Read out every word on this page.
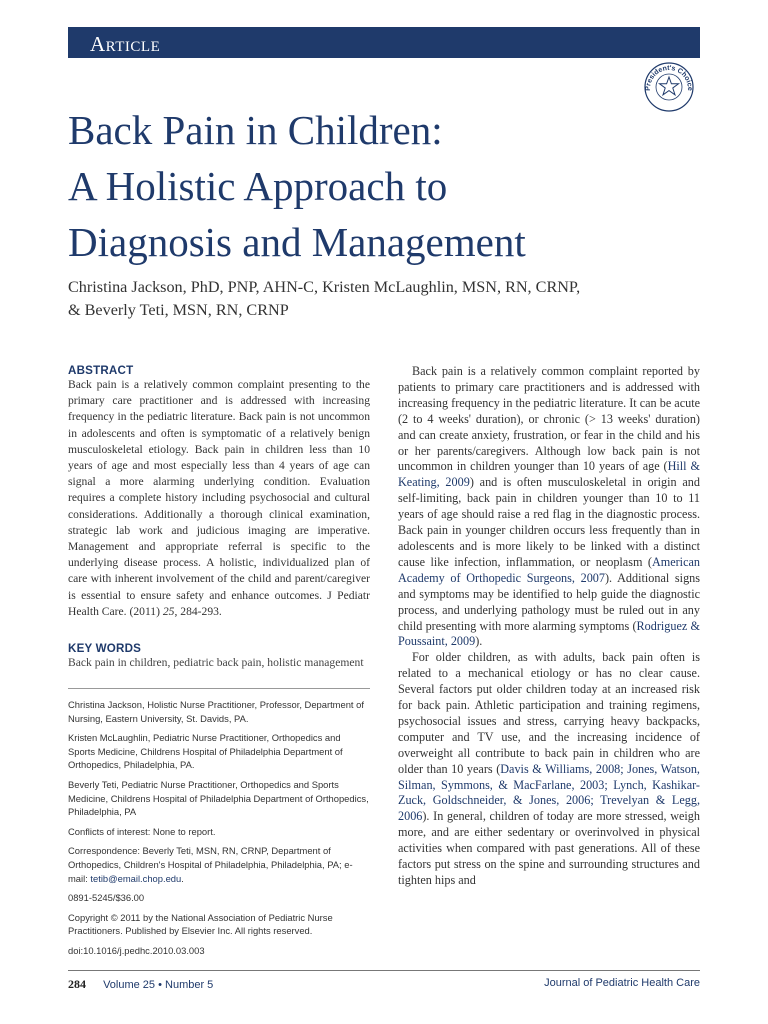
Article
President's Choice
Back Pain in Children:
A Holistic Approach to
Diagnosis and Management
Christina Jackson, PhD, PNP, AHN-C, Kristen McLaughlin, MSN, RN, CRNP,
& Beverly Teti, MSN, RN, CRNP
ABSTRACT

Back pain is a relatively common complaint presenting to the primary care practitioner and is addressed with increasing frequency in the pediatric literature. Back pain is not uncommon in adolescents and often is symptomatic of a relatively benign musculoskeletal etiology. Back pain in children less than 10 years of age and most especially less than 4 years of age can signal a more alarming underlying condition. Evaluation requires a complete history including psychosocial and cultural considerations. Additionally a thorough clinical examination, strategic lab work and judicious imaging are imperative. Management and appropriate referral is specific to the underlying disease process. A holistic, individualized plan of care with inherent involvement of the child and parent/caregiver is essential to ensure safety and enhance outcomes. J Pediatr Health Care. (2011) 25, 284-293.

KEY WORDS

Back pain in children, pediatric back pain, holistic management

Christina Jackson, Holistic Nurse Practitioner, Professor, Department of Nursing, Eastern University, St. Davids, PA.

Kristen McLaughlin, Pediatric Nurse Practitioner, Orthopedics and Sports Medicine, Childrens Hospital of Philadelphia Department of Orthopedics, Philadelphia, PA.

Beverly Teti, Pediatric Nurse Practitioner, Orthopedics and Sports Medicine, Childrens Hospital of Philadelphia Department of Orthopedics, Philadelphia, PA

Conflicts of interest: None to report.

Correspondence: Beverly Teti, MSN, RN, CRNP, Department of Orthopedics, Children's Hospital of Philadelphia, Philadelphia, PA; e-mail: tetib@email.chop.edu.

0891-5245/$36.00

Copyright © 2011 by the National Association of Pediatric Nurse Practitioners. Published by Elsevier Inc. All rights reserved.

doi:10.1016/j.pedhc.2010.03.003

Back pain is a relatively common complaint reported by patients to primary care practitioners and is addressed with increasing frequency in the pediatric literature. It can be acute (2 to 4 weeks' duration), or chronic (> 13 weeks' duration) and can create anxiety, frustration, or fear in the child and his or her parents/caregivers. Although low back pain is not uncommon in children younger than 10 years of age (Hill & Keating, 2009) and is often musculoskeletal in origin and self-limiting, back pain in children younger than 10 to 11 years of age should raise a red flag in the diagnostic process. Back pain in younger children occurs less frequently than in adolescents and is more likely to be linked with a distinct cause like infection, inflammation, or neoplasm (American Academy of Orthopedic Surgeons, 2007). Additional signs and symptoms may be identified to help guide the diagnostic process, and underlying pathology must be ruled out in any child presenting with more alarming symptoms (Rodriguez & Poussaint, 2009).

For older children, as with adults, back pain often is related to a mechanical etiology or has no clear cause. Several factors put older children today at an increased risk for back pain. Athletic participation and training regimens, psychosocial issues and stress, carrying heavy backpacks, computer and TV use, and the increasing incidence of overweight all contribute to back pain in children who are older than 10 years (Davis & Williams, 2008; Jones, Watson, Silman, Symmons, & MacFarlane, 2003; Lynch, Kashikar-Zuck, Goldschneider, & Jones, 2006; Trevelyan & Legg, 2006). In general, children of today are more stressed, weigh more, and are either sedentary or overinvolved in physical activities when compared with past generations. All of these factors put stress on the spine and surrounding structures and tighten hips and

284 Volume 25 • Number 5	Journal of Pediatric Health Care
